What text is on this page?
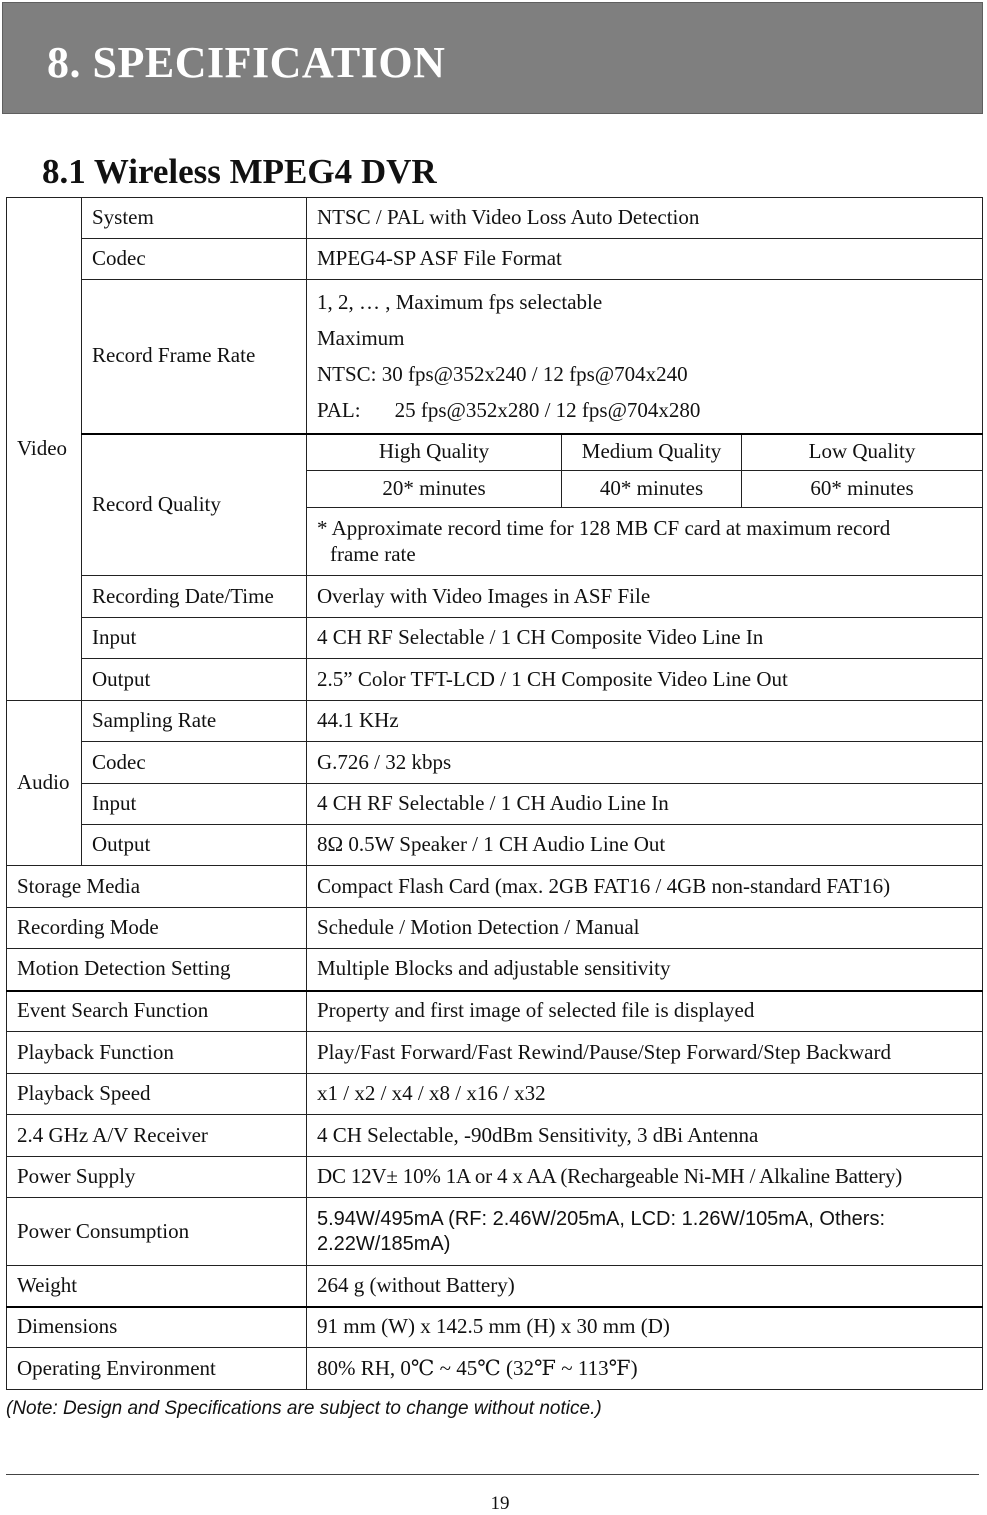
8. SPECIFICATION
8.1 Wireless MPEG4 DVR
Video	System	NTSC / PAL with Video Loss Auto Detection		
	Codec	MPEG4-SP ASF File Format		
	Record Frame Rate	1, 2, … , Maximum fps selectable
Maximum
NTSC: 30 fps@352x240 / 12 fps@704x240
PAL: 25 fps@352x280 / 12 fps@704x280		

	Record Quality	High Quality	Medium Quality	Low Quality
		20* minutes	40* minutes	60* minutes

		* Approximate record time for 128 MB CF card at maximum record
frame rate		

	Recording Date/Time	Overlay with Video Images in ASF File		
	Input	4 CH RF Selectable / 1 CH Composite Video Line In		
	Output	2.5” Color TFT-LCD / 1 CH Composite Video Line Out		
Audio	Sampling Rate	44.1 KHz		
	Codec	G.726 / 32 kbps		
	Input	4 CH RF Selectable / 1 CH Audio Line In		
	Output	8Ω 0.5W Speaker / 1 CH Audio Line Out		
Storage Media		Compact Flash Card (max. 2GB FAT16 / 4GB non-standard FAT16)		
Recording Mode		Schedule / Motion Detection / Manual		
Motion Detection Setting		Multiple Blocks and adjustable sensitivity		
Event Search Function		Property and first image of selected file is displayed		
Playback Function		Play/Fast Forward/Fast Rewind/Pause/Step Forward/Step Backward		
Playback Speed		x1 / x2 / x4 / x8 / x16 / x32		
2.4 GHz A/V Receiver		4 CH Selectable, -90dBm Sensitivity, 3 dBi Antenna		
Power Supply		DC 12V± 10% 1A or 4 x AA (Rechargeable Ni-MH / Alkaline Battery)		
Power Consumption		5.94W/495mA (RF: 2.46W/205mA, LCD: 1.26W/105mA, Others: 2.22W/185mA)		
Weight		264 g (without Battery)		
Dimensions		91 mm (W) x 142.5 mm (H) x 30 mm (D)		
Operating Environment		80% RH, 0℃ ~ 45℃ (32℉ ~ 113℉)		

(Note: Design and Specifications are subject to change without notice.)

19
